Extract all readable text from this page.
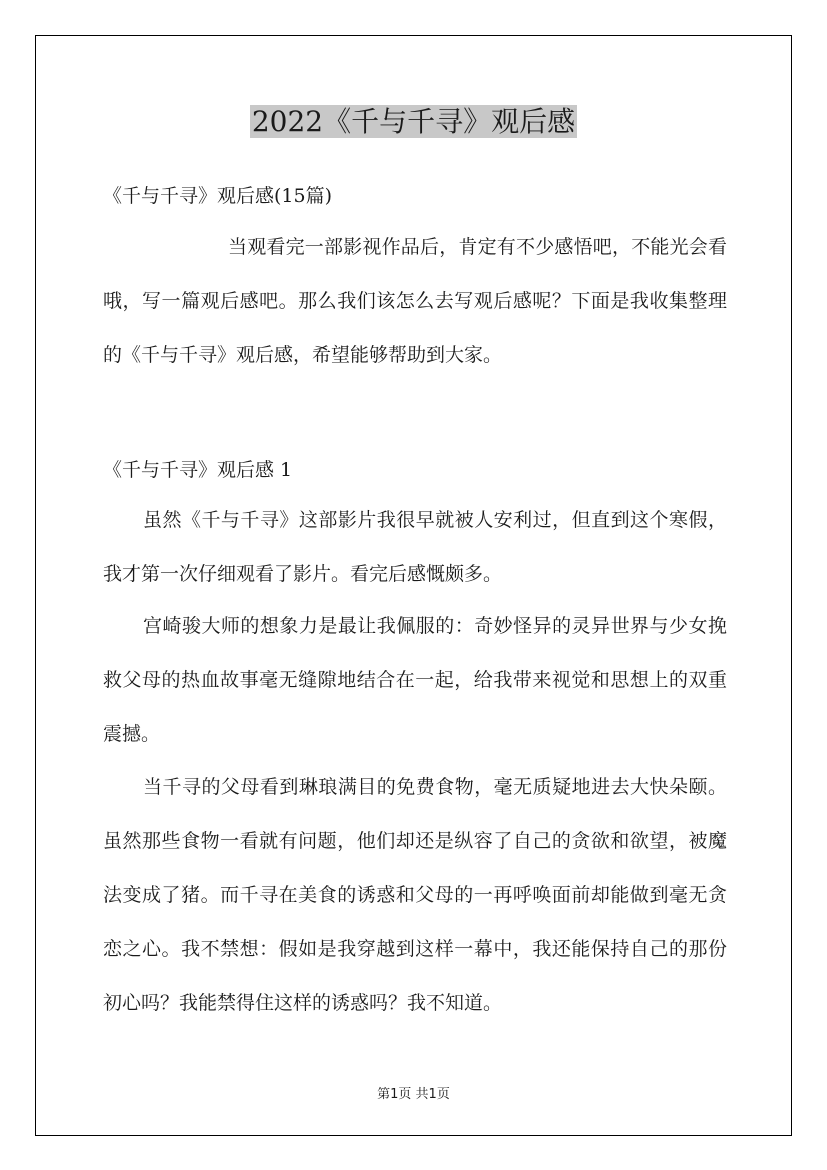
2022《千与千寻》观后感
《千与千寻》观后感(15篇)
当观看完一部影视作品后，肯定有不少感悟吧，不能光会看哦，写一篇观后感吧。那么我们该怎么去写观后感呢？下面是我收集整理的《千与千寻》观后感，希望能够帮助到大家。
《千与千寻》观后感 1
虽然《千与千寻》这部影片我很早就被人安利过，但直到这个寒假，我才第一次仔细观看了影片。看完后感慨颇多。
宫崎骏大师的想象力是最让我佩服的：奇妙怪异的灵异世界与少女挽救父母的热血故事毫无缝隙地结合在一起，给我带来视觉和思想上的双重震撼。
当千寻的父母看到琳琅满目的免费食物，毫无质疑地进去大快朵颐。虽然那些食物一看就有问题，他们却还是纵容了自己的贪欲和欲望，被魔法变成了猪。而千寻在美食的诱惑和父母的一再呼唤面前却能做到毫无贪恋之心。我不禁想：假如是我穿越到这样一幕中，我还能保持自己的那份初心吗？我能禁得住这样的诱惑吗？我不知道。
第1页 共1页
